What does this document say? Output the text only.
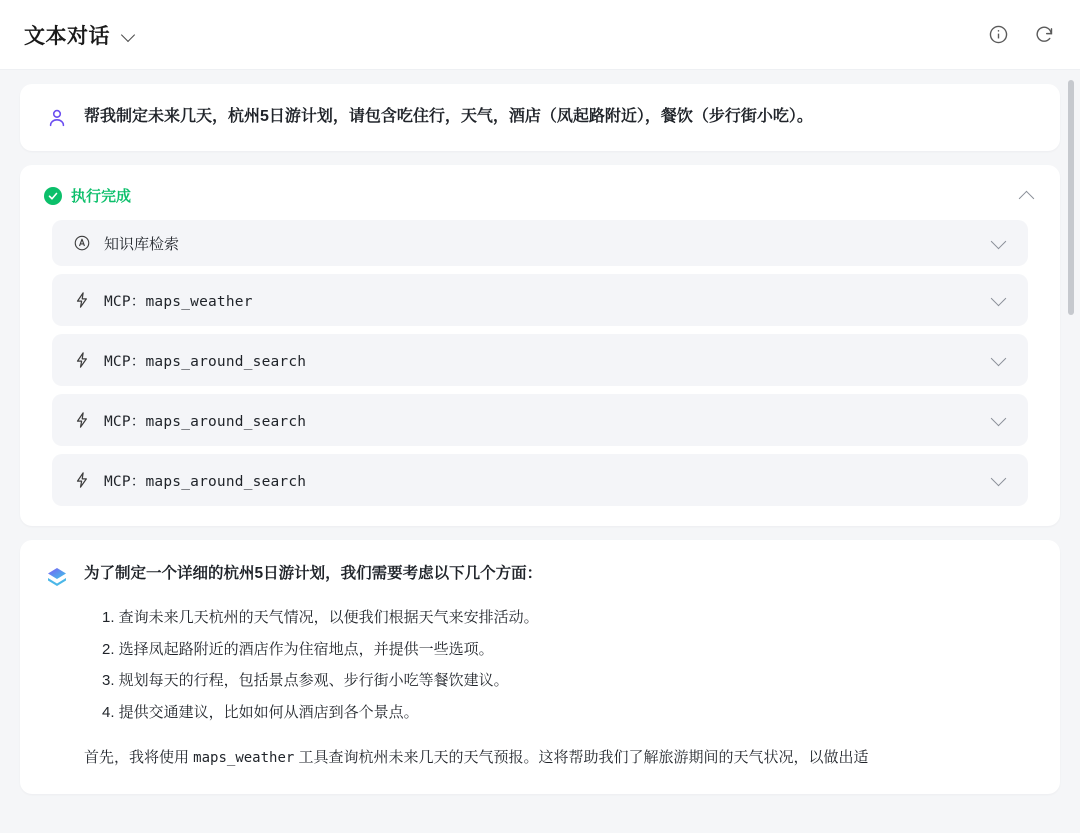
文本对话
帮我制定未来几天，杭州5日游计划，请包含吃住行，天气，酒店（凤起路附近），餐饮（步行街小吃）。
执行完成
知识库检索
MCP：maps_weather
MCP：maps_around_search
MCP：maps_around_search
MCP：maps_around_search
为了制定一个详细的杭州5日游计划，我们需要考虑以下几个方面：
1. 查询未来几天杭州的天气情况，以便我们根据天气来安排活动。
2. 选择凤起路附近的酒店作为住宿地点，并提供一些选项。
3. 规划每天的行程，包括景点参观、步行街小吃等餐饮建议。
4. 提供交通建议，比如如何从酒店到各个景点。
首先，我将使用 maps_weather 工具查询杭州未来几天的天气预报。这将帮助我们了解旅游期间的天气状况，以做出适
